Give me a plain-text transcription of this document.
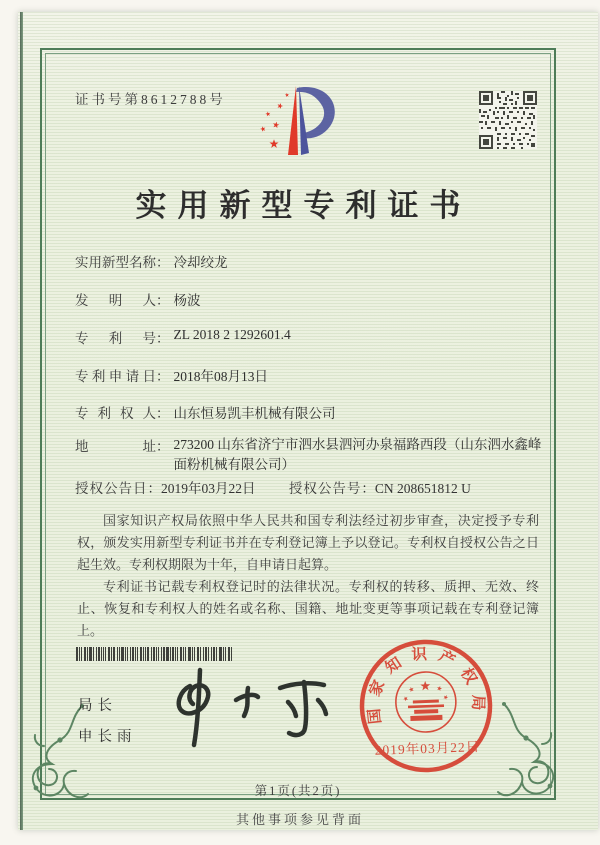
证书号第8612788号
实用新型专利证书
实用新型名称： 冷却绞龙
发明人： 杨波
专利号： ZL 2018 2 1292601.4
专利申请日： 2018年08月13日
专利权人： 山东恒易凯丰机械有限公司
地址： 273200 山东省济宁市泗水县泗河办泉福路西段（山东泗水鑫峰面粉机械有限公司）
授权公告日：2019年03月22日 授权公告号：CN 208651812 U

国家知识产权局依照中华人民共和国专利法经过初步审查，决定授予专利权，颁发实用新型专利证书并在专利登记簿上予以登记。专利权自授权公告之日起生效。专利权期限为十年，自申请日起算。

专利证书记载专利权登记时的法律状况。专利权的转移、质押、无效、终止、恢复和专利权人的姓名或名称、国籍、地址变更等事项记载在专利登记簿上。

局长
申长雨
国家知识产权局
2019年03月22日
第1页(共2页)
其他事项参见背面
